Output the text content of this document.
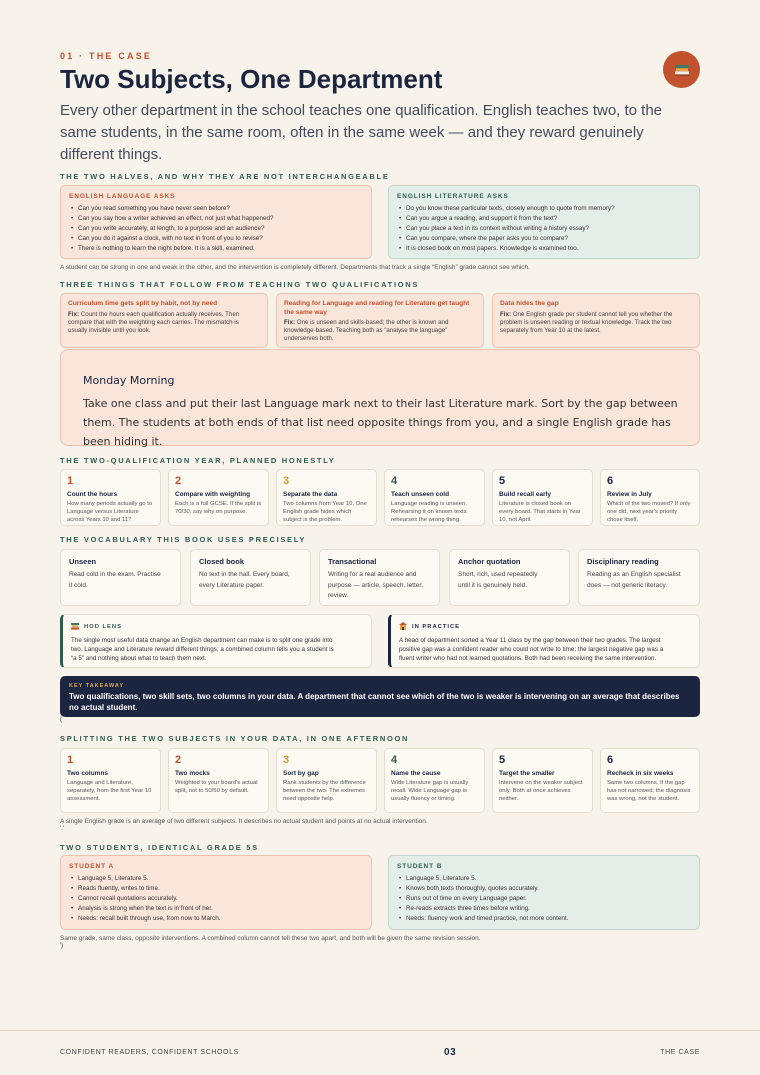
01 · THE CASE
Two Subjects, One Department

Every other department in the school teaches one qualification. English teaches two, to the same students, in the same room, often in the same week — and they reward genuinely different things.

THE TWO HALVES, AND WHY THEY ARE NOT INTERCHANGEABLE
ENGLISH LANGUAGE ASKS
• Can you read something you have never seen before?
• Can you say how a writer achieved an effect, not just what happened?
• Can you write accurately, at length, to a purpose and an audience?
• Can you do it against a clock, with no text in front of you to revise?
• There is nothing to learn the night before. It is a skill, examined.
ENGLISH LITERATURE ASKS
• Do you know these particular texts, closely enough to quote from memory?
• Can you argue a reading, and support it from the text?
• Can you place a text in its context without writing a history essay?
• Can you compare, where the paper asks you to compare?
• It is closed book on most papers. Knowledge is examined too.
A student can be strong in one and weak in the other, and the intervention is completely different. Departments that track a single “English” grade cannot see which.
THREE THINGS THAT FOLLOW FROM TEACHING TWO QUALIFICATIONS
Curriculum time gets split by habit, not by need
Fix: Count the hours each qualification actually receives. Then
compare that with the weighting each carries. The mismatch is
usually invisible until you look.
Reading for Language and reading for Literature get taught
the same way
Fix: One is unseen and skills-based; the other is known and
knowledge-based. Teaching both as “analyse the language”
underserves both.
Data hides the gap
Fix: One English grade per student cannot tell you whether the
problem is unseen reading or textual knowledge. Track the two
separately from Year 10 at the latest.
Monday Morning
Take one class and put their last Language mark next to their last Literature mark. Sort by the gap between them. The students at both ends of that list need opposite things from you, and a single English grade has been hiding it.
THE TWO-QUALIFICATION YEAR, PLANNED HONESTLY
1
Count the hours
How many periods actually go to Language versus Literature across Years 10 and 11?
2
Compare with weighting
Each is a full GCSE. If the split is 70/30, say why on purpose.
3
Separate the data
Two columns from Year 10. One English grade hides which subject is the problem.
4
Teach unseen cold
Language reading is unseen. Rehearsing it on known texts rehearses the wrong thing.
5
Build recall early
Literature is closed book on every board. That starts in Year 10, not April.
6
Review in July
Which of the two moved? If only one did, next year's priority chose itself.
THE VOCABULARY THIS BOOK USES PRECISELY
Unseen
Read cold in the exam. Practise
it cold.
Closed book
No text in the hall. Every board,
every Literature paper.
Transactional
Writing for a real audience and
purpose — article, speech, letter,
review.
Anchor quotation
Short, rich, used repeatedly
until it is genuinely held.
Disciplinary reading
Reading as an English specialist
does — not generic literacy.
HOD LENS
The single most useful data change an English department can make is to split one grade into
two. Language and Literature reward different things; a combined column tells you a student is
“a 5” and nothing about what to teach them next.
IN PRACTICE
A head of department sorted a Year 11 class by the gap between their two grades. The largest
positive gap was a confident reader who could not write to time; the largest negative gap was a
fluent writer who had not learned quotations. Both had been receiving the same intervention.
KEY TAKEAWAY
Two qualifications, two skill sets, two columns in your data. A department that cannot see which of the two is weaker is intervening on an average that describes no actual student.
(
SPLITTING THE TWO SUBJECTS IN YOUR DATA, IN ONE AFTERNOON
1
Two columns
Language and Literature, separately, from the first Year 10 assessment.
2
Two mocks
Weighted to your board's actual split, not to 50/50 by default.
3
Sort by gap
Rank students by the difference between the two. The extremes need opposite help.
4
Name the cause
Wide Literature gap is usually recall. Wide Language gap is usually fluency or timing.
5
Target the smaller
Intervene on the weaker subject only. Both at once achieves neither.
6
Recheck in six weeks
Same two columns. If the gap has not narrowed, the diagnosis was wrong, not the student.
A single English grade is an average of two different subjects. It describes no actual student and points at no actual intervention.
'.'
TWO STUDENTS, IDENTICAL GRADE 5S
STUDENT A
• Language 5, Literature 5.
• Reads fluently, writes to time.
• Cannot recall quotations accurately.
• Analysis is strong when the text is in front of her.
• Needs: recall built through use, from now to March.
STUDENT B
• Language 5, Literature 5.
• Knows both texts thoroughly, quotes accurately.
• Runs out of time on every Language paper.
• Re-reads extracts three times before writing.
• Needs: fluency work and timed practice, not more content.
Same grade, same class, opposite interventions. A combined column cannot tell these two apart, and both will be given the same revision session.
')
CONFIDENT READERS, CONFIDENT SCHOOLS	03	THE CASE
